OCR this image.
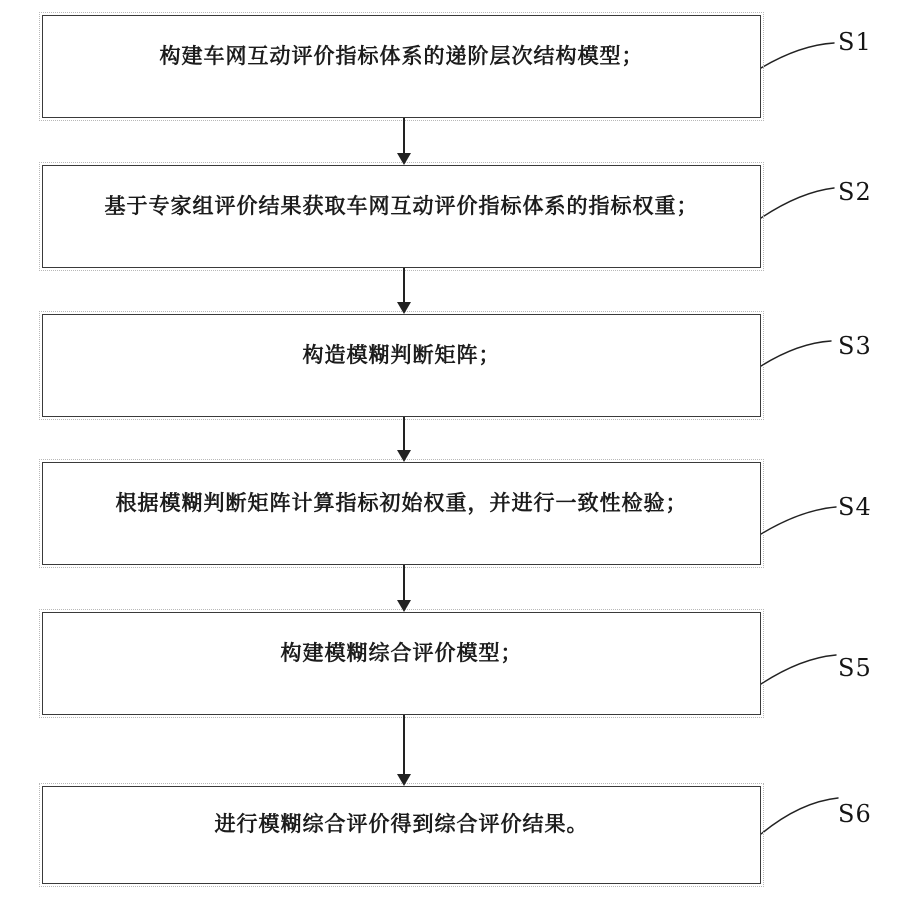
构建车网互动评价指标体系的递阶层次结构模型；
基于专家组评价结果获取车网互动评价指标体系的指标权重；
构造模糊判断矩阵；
根据模糊判断矩阵计算指标初始权重，并进行一致性检验；
构建模糊综合评价模型；
进行模糊综合评价得到综合评价结果。
S1
S2
S3
S4
S5
S6
